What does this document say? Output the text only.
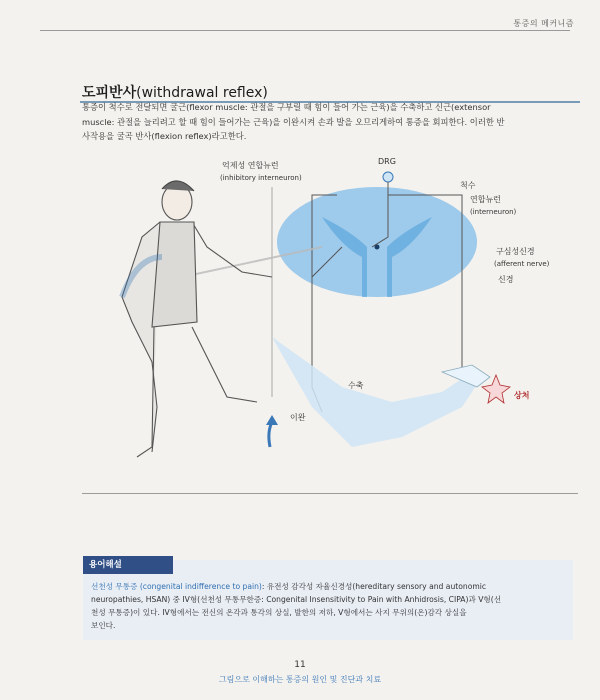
통증의 메커니즘
도피반사(withdrawal reflex)
통증이 척수로 전달되면 굴근(flexor muscle: 관절을 구부릴 때 힘이 들어 가는 근육)을 수축하고 신근(extensor
muscle: 관절을 늘리려고 할 때 힘이 들어가는 근육)을 이완시켜 손과 발을 오므리게하여 통증을 회피한다. 이러한 반
사작용을 굴곡 반사(flexion reflex)라고한다.
억제성 연합뉴런
(inhibitory interneuron)
DRG
척수
연합뉴런
(interneuron)
구심성신경
(afferent nerve)
신경
수축
이완
상처
용어해설
선천성 무통증 (congenital indifference to pain): 유전성 감각성 자율신경성(hereditary sensory and autonomic
neuropathies, HSAN) 중 IV형(선천성 무통무한증: Congenital Insensitivity to Pain with Anhidrosis, CIPA)과 V형(선
천성 무통증)이 있다. IV형에서는 전신의 온각과 통각의 상실, 발한의 저하, V형에서는 사지 무위의(온)감각 상실을
보인다.
11
그림으로 이해하는 통증의 원인 및 진단과 치료
